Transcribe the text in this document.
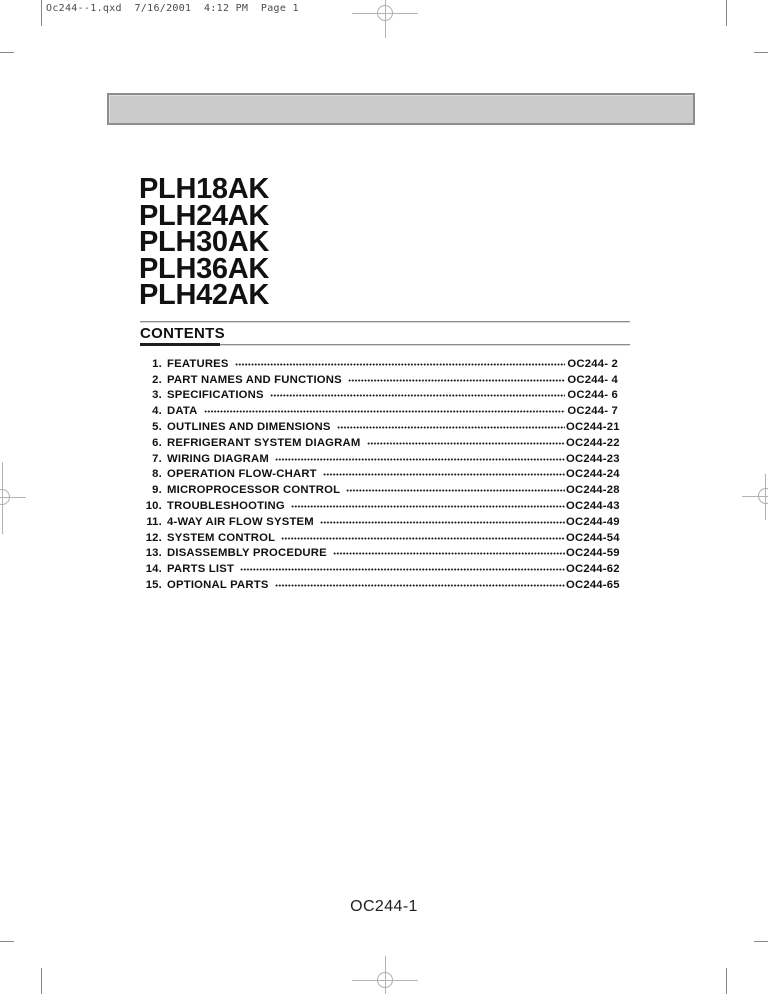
Oc244--1.qxd  7/16/2001  4:12 PM  Page 1
PLH18AK
PLH24AK
PLH30AK
PLH36AK
PLH42AK
CONTENTS
1. FEATURES	OC244- 2
2. PART NAMES AND FUNCTIONS	OC244- 4
3. SPECIFICATIONS	OC244- 6
4. DATA	OC244- 7
5. OUTLINES AND DIMENSIONS	OC244-21
6. REFRIGERANT SYSTEM DIAGRAM	OC244-22
7. WIRING DIAGRAM	OC244-23
8. OPERATION FLOW-CHART	OC244-24
9. MICROPROCESSOR CONTROL	OC244-28
10. TROUBLESHOOTING	OC244-43
11. 4-WAY AIR FLOW SYSTEM	OC244-49
12. SYSTEM CONTROL	OC244-54
13. DISASSEMBLY PROCEDURE	OC244-59
14. PARTS LIST	OC244-62
15. OPTIONAL PARTS	OC244-65
OC244-1
